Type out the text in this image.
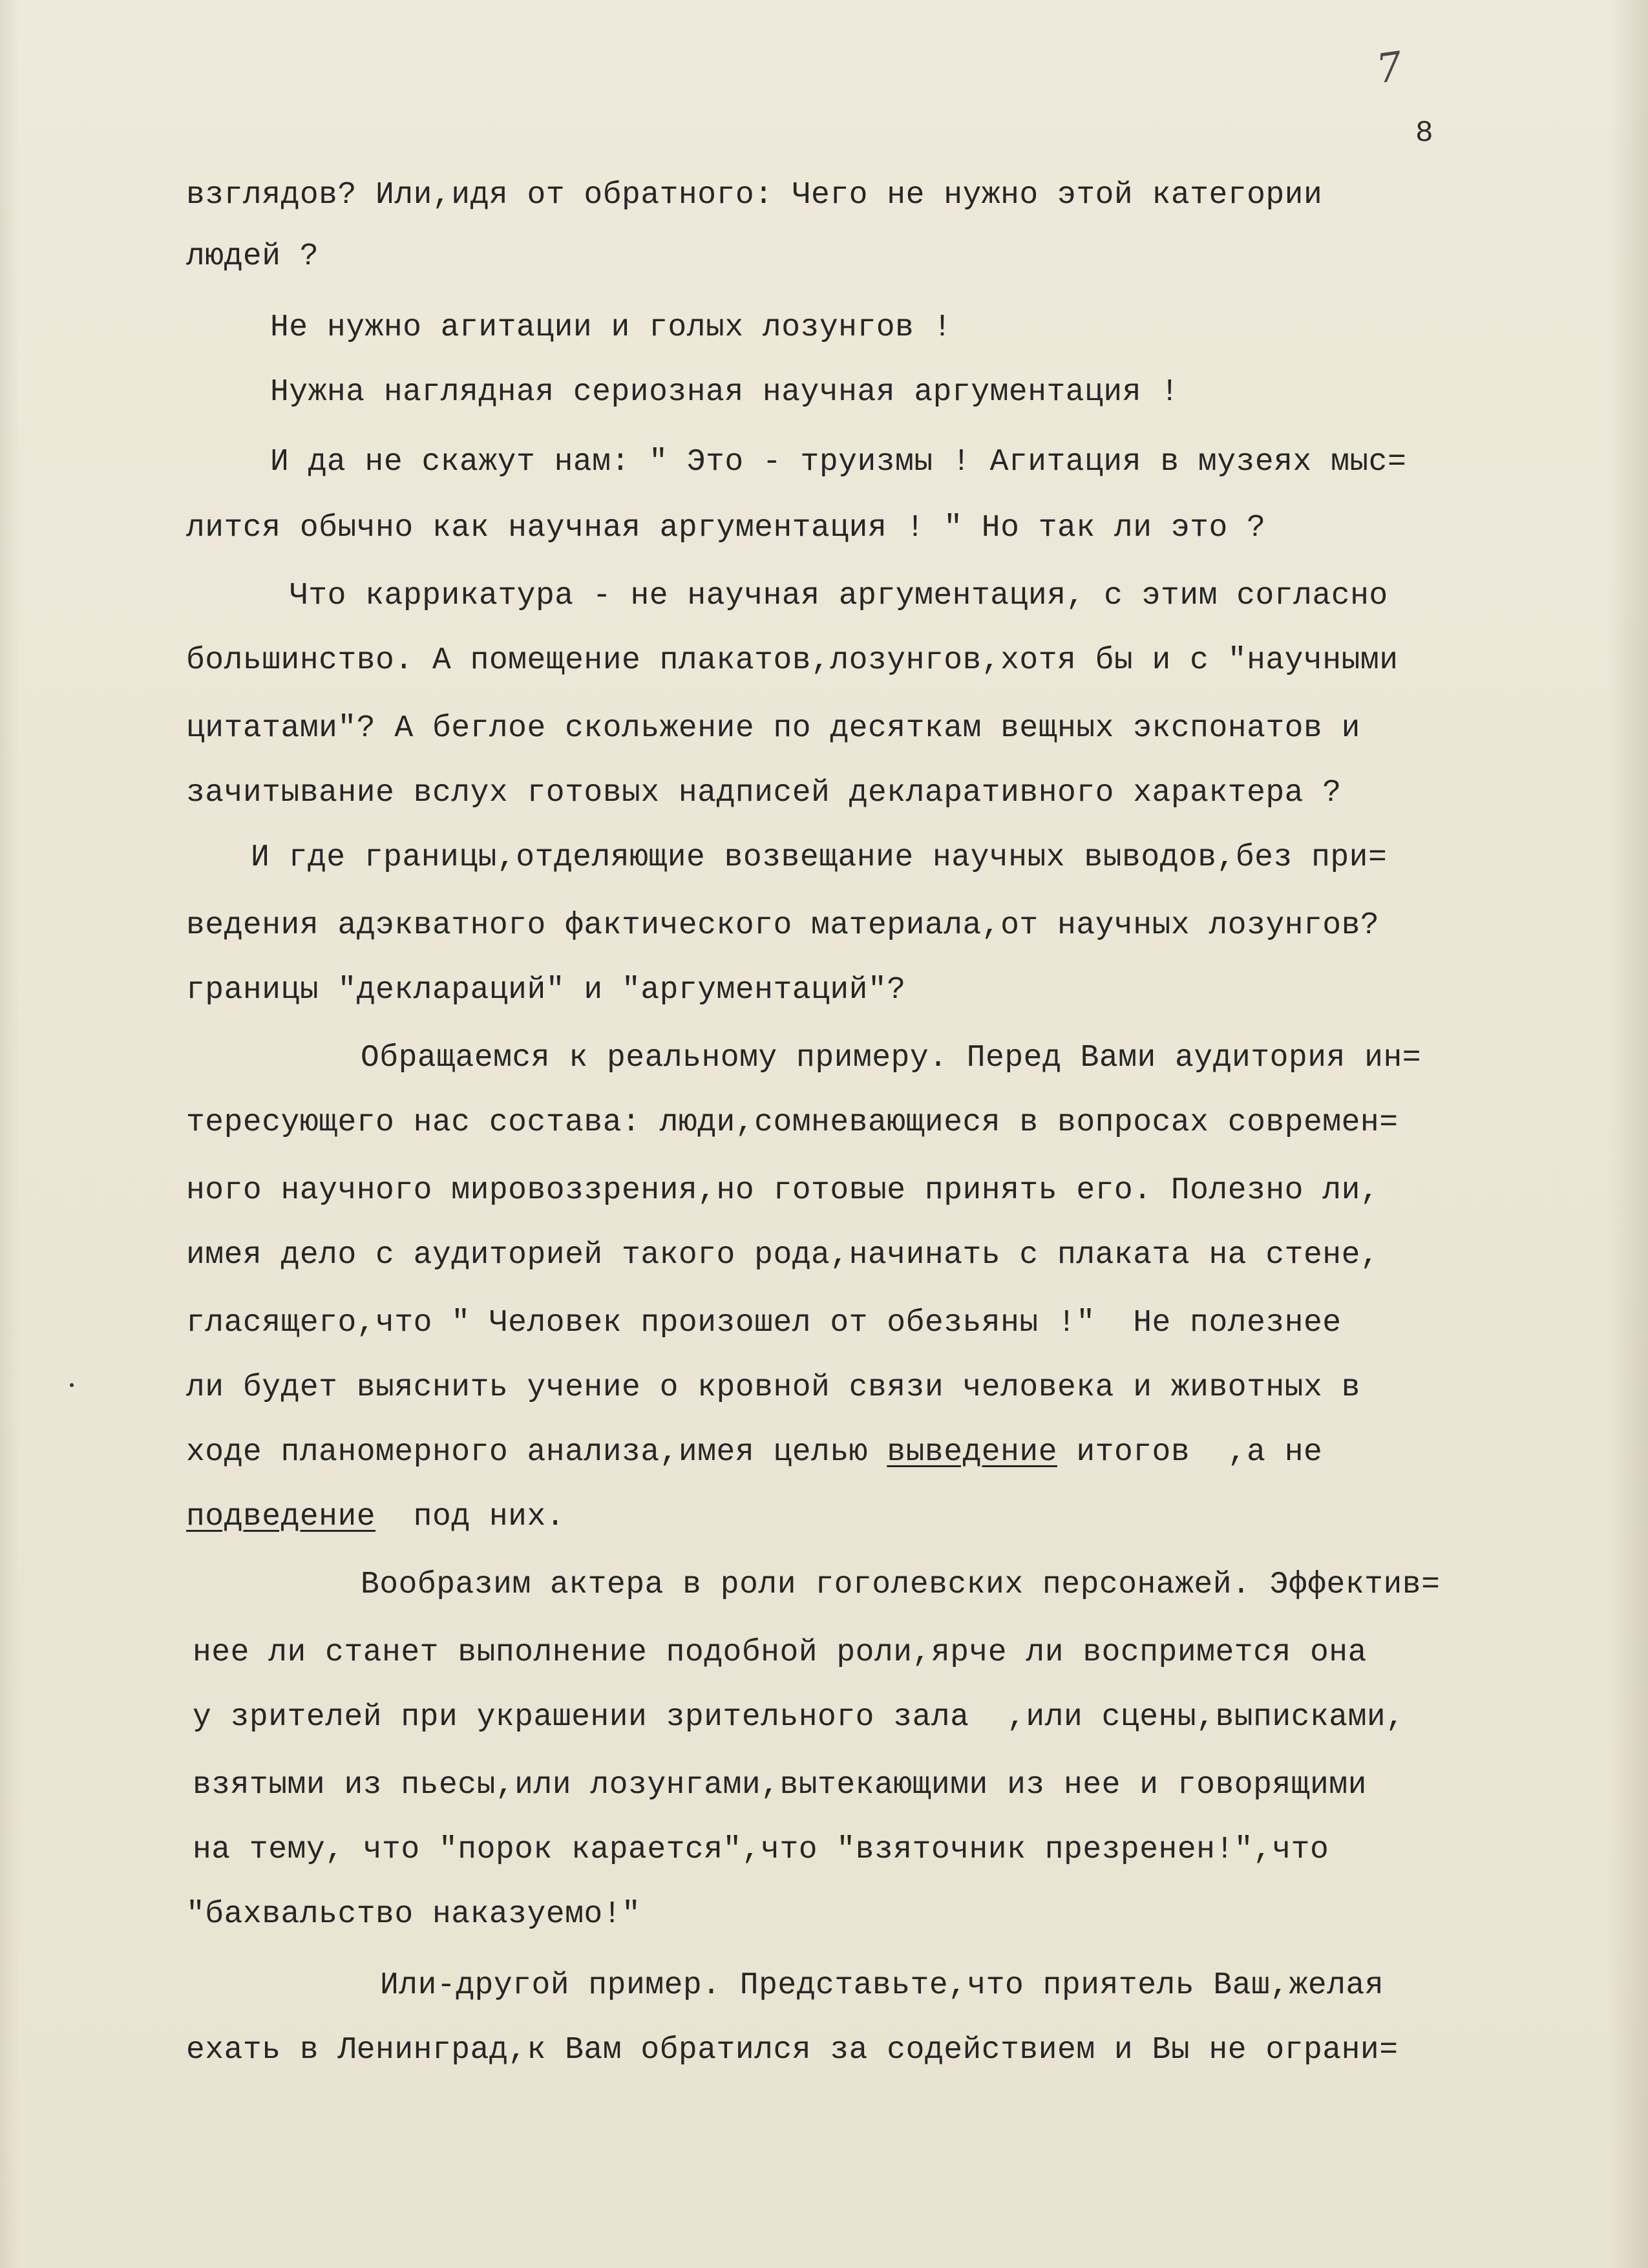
7
8
взглядов? Или,идя от обратного: Чего не нужно этой категории
людей ?
Не нужно агитации и голых лозунгов !
Нужна наглядная сериозная научная аргументация !
И да не скажут нам: " Это - труизмы ! Агитация в музеях мыс=
лится обычно как научная аргументация ! " Но так ли это ?
Что каррикатура - не научная аргументация, с этим согласно
большинство. А помещение плакатов,лозунгов,хотя бы и с "научными
цитатами"? А беглое скольжение по десяткам вещных экспонатов и
зачитывание вслух готовых надписей декларативного характера ?
И где границы,отделяющие возвещание научных выводов,без при=
ведения адэкватного фактического материала,от научных лозунгов?
границы "деклараций" и "аргументаций"?
Обращаемся к реальному примеру. Перед Вами аудитория ин=
тересующего нас состава: люди,сомневающиеся в вопросах современ=
ного научного мировоззрения,но готовые принять его. Полезно ли,
имея дело с аудиторией такого рода,начинать с плаката на стене,
гласящего,что " Человек произошел от обезьяны !"  Не полезнее
ли будет выяснить учение о кровной связи человека и животных в
ходе планомерного анализа,имея целью выведение итогов  ,а не
подведение  под них.
Вообразим актера в роли гоголевских персонажей. Эффектив=
нее ли станет выполнение подобной роли,ярче ли воспримется она
у зрителей при украшении зрительного зала  ,или сцены,выписками,
взятыми из пьесы,или лозунгами,вытекающими из нее и говорящими
на тему, что "порок карается",что "взяточник презренен!",что
"бахвальство наказуемо!"
Или-другой пример. Представьте,что приятель Ваш,желая
ехать в Ленинград,к Вам обратился за содействием и Вы не ограни=
